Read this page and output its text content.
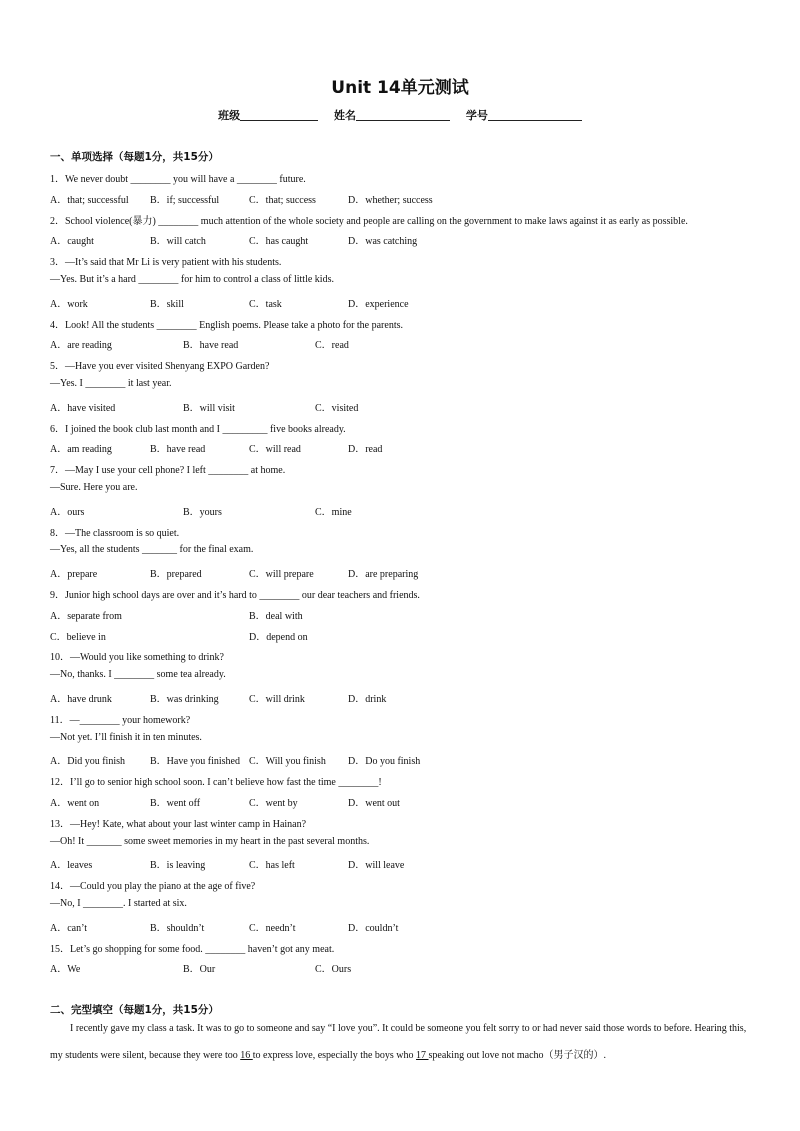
Unit 14单元测试
班级	姓名	学号
一、单项选择（每题1分，共15分）
1．We never doubt ________ you will have a ________ future.
A．that; successful B．if; successful	C．that; success	D．whether; success
2．School violence(暴力) ________ much attention of the whole society and people are calling on the government to make laws against it as early as possible.
A．caught	B．will catch	C．has caught	D．was catching
3．—It’s said that Mr Li is very patient with his students.
—Yes. But it’s a hard ________ for him to control a class of little kids.
A．work	B．skill	C．task	D．experience
4．Look! All the students ________ English poems. Please take a photo for the parents.
A．are reading	B．have read	C．read
5．—Have you ever visited Shenyang EXPO Garden?
—Yes. I ________ it last year.
A．have visited	B．will visit	C．visited
6．I joined the book club last month and I _________ five books already.
A．am reading	B．have read	C．will read	D．read
7．—May I use your cell phone? I left ________ at home.
—Sure. Here you are.
A．ours	B．yours	C．mine
8．—The classroom is so quiet.
—Yes, all the students _______ for the final exam.
A．prepare	B．prepared	C．will prepare	D．are preparing
9．Junior high school days are over and it’s hard to ________ our dear teachers and friends.
A．separate from	B．deal with
C．believe in	D．depend on
10．—Would you like something to drink?
—No, thanks. I ________ some tea already.
A．have drunk	B．was drinking	C．will drink	D．drink
11．—________ your homework?
—Not yet. I’ll finish it in ten minutes.
A．Did you finish	B．Have you finished C．Will you finish D．Do you finish
12．I’ll go to senior high school soon. I can’t believe how fast the time ________!
A．went on	B．went off	C．went by	D．went out
13．—Hey! Kate, what about your last winter camp in Hainan?
—Oh! It _______ some sweet memories in my heart in the past several months.
A．leaves	B．is leaving	C．has left	D．will leave
14．—Could you play the piano at the age of five?
—No, I ________. I started at six.
A．can’t	B．shouldn’t	C．needn’t	D．couldn’t
15．Let’s go shopping for some food. ________ haven’t got any meat.
A．We	B．Our	C．Ours
二、完型填空（每题1分，共15分）
I recently gave my class a task. It was to go to someone and say “I love you”. It could be someone you felt sorry to or had never said those words to before. Hearing this,
my students were silent, because they were too 16 to express love, especially the boys who 17 speaking out love not macho（男子汉的）.
